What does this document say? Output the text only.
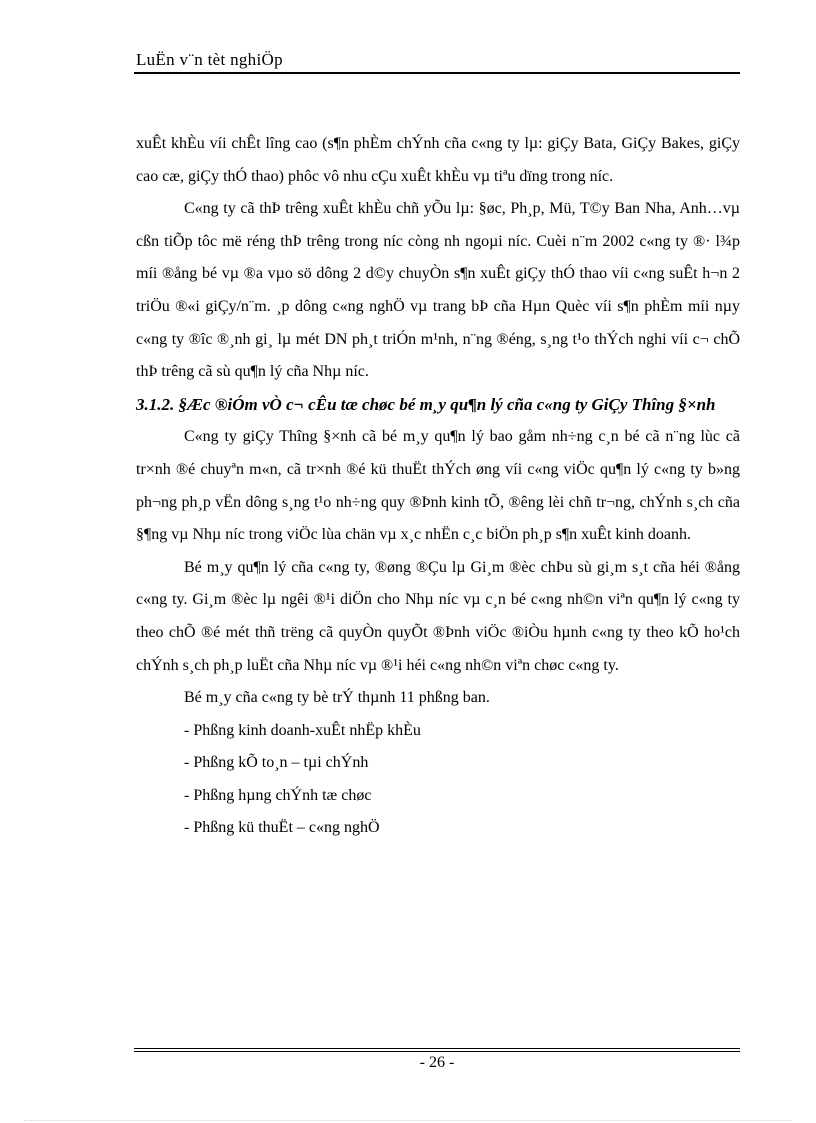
LuËn v¨n tèt nghiÖp

xuÊt khÈu víi chÊt lîng cao (s¶n phÈm chÝnh cña c«ng ty lµ: giÇy Bata, GiÇy Bakes, giÇy cao cæ, giÇy thÓ thao) phôc vô nhu cÇu xuÊt khÈu vµ tiªu dïng trong níc.

C«ng ty cã thÞ trêng xuÊt khÈu chñ yÕu lµ: §øc, Ph¸p, Mü, T©y Ban Nha, Anh…vµ cßn tiÕp tôc më réng thÞ trêng trong níc còng nh ngoµi níc. Cuèi n¨m 2002 c«ng ty ®· l¾p míi ®ång bé vµ ®a vµo sö dông 2 d©y chuyÒn s¶n xuÊt giÇy thÓ thao víi c«ng suÊt h¬n 2 triÖu ®«i giÇy/n¨m. ¸p dông c«ng nghÖ vµ trang bÞ cña Hµn Quèc víi s¶n phÈm míi nµy c«ng ty ®îc ®¸nh gi¸ lµ mét DN ph¸t triÓn m¹nh, n¨ng ®éng, s¸ng t¹o thÝch nghi víi c¬ chÕ thÞ trêng cã sù qu¶n lý cña Nhµ níc.

3.1.2. §Æc ®iÓm vÒ c¬ cÊu tæ chøc bé m¸y qu¶n lý cña c«ng ty GiÇy Thîng §×nh

C«ng ty giÇy Thîng §×nh cã bé m¸y qu¶n lý bao gåm nh÷ng c¸n bé cã n¨ng lùc cã tr×nh ®é chuyªn m«n, cã tr×nh ®é kü thuËt thÝch øng víi c«ng viÖc qu¶n lý c«ng ty b»ng ph¬ng ph¸p vËn dông s¸ng t¹o nh÷ng quy ®Þnh kinh tÕ, ®êng lèi chñ tr¬ng, chÝnh s¸ch cña §¶ng vµ Nhµ níc trong viÖc lùa chän vµ x¸c nhËn c¸c biÖn ph¸p s¶n xuÊt kinh doanh.

Bé m¸y qu¶n lý cña c«ng ty, ®øng ®Çu lµ Gi¸m ®èc chÞu sù gi¸m s¸t cña héi ®ång c«ng ty. Gi¸m ®èc lµ ngêi ®¹i diÖn cho Nhµ níc vµ c¸n bé c«ng nh©n viªn qu¶n lý c«ng ty theo chÕ ®é mét thñ trëng cã quyÒn quyÕt ®Þnh viÖc ®iÒu hµnh c«ng ty theo kÕ ho¹ch chÝnh s¸ch ph¸p luËt cña Nhµ níc vµ ®¹i héi c«ng nh©n viªn chøc c«ng ty.

Bé m¸y cña c«ng ty bè trÝ thµnh 11 phßng ban.

- Phßng kinh doanh-xuÊt nhËp khÈu
- Phßng kÕ to¸n – tµi chÝnh
- Phßng hµng chÝnh tæ chøc
- Phßng kü thuËt – c«ng nghÖ
- 26 -
